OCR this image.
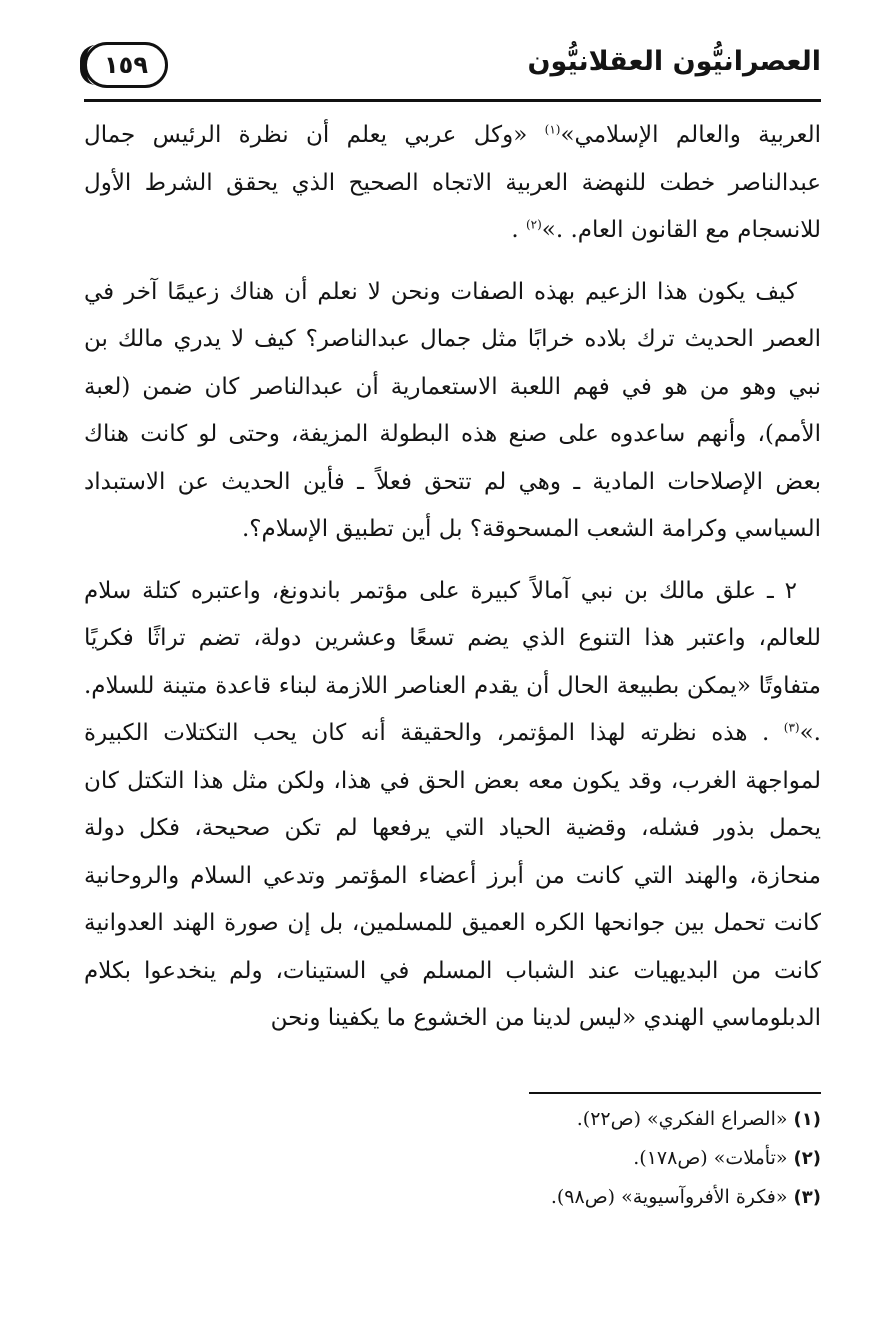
العصرانيُّون العقلانيُّون
١٥٩

العربية والعالم الإسلامي»$^{(١)}$ «وكل عربي يعلم أن نظرة الرئيس جمال عبدالناصر خطت للنهضة العربية الاتجاه الصحيح الذي يحقق الشرط الأول للانسجام مع القانون العام. .»$^{(٢)}$ .

كيف يكون هذا الزعيم بهذه الصفات ونحن لا نعلم أن هناك زعيمًا آخر في العصر الحديث ترك بلاده خرابًا مثل جمال عبدالناصر؟ كيف لا يدري مالك بن نبي وهو من هو في فهم اللعبة الاستعمارية أن عبدالناصر كان ضمن (لعبة الأمم)، وأنهم ساعدوه على صنع هذه البطولة المزيفة، وحتى لو كانت هناك بعض الإصلاحات المادية ـ وهي لم تتحق فعلاً ـ فأين الحديث عن الاستبداد السياسي وكرامة الشعب المسحوقة؟ بل أين تطبيق الإسلام؟.

٢ ـ علق مالك بن نبي آمالاً كبيرة على مؤتمر باندونغ، واعتبره كتلة سلام للعالم، واعتبر هذا التنوع الذي يضم تسعًا وعشرين دولة، تضم تراثًا فكريًا متفاوتًا «يمكن بطبيعة الحال أن يقدم العناصر اللازمة لبناء قاعدة متينة للسلام. .»$^{(٣)}$ . هذه نظرته لهذا المؤتمر، والحقيقة أنه كان يحب التكتلات الكبيرة لمواجهة الغرب، وقد يكون معه بعض الحق في هذا، ولكن مثل هذا التكتل كان يحمل بذور فشله، وقضية الحياد التي يرفعها لم تكن صحيحة، فكل دولة منحازة، والهند التي كانت من أبرز أعضاء المؤتمر وتدعي السلام والروحانية كانت تحمل بين جوانحها الكره العميق للمسلمين، بل إن صورة الهند العدوانية كانت من البديهيات عند الشباب المسلم في الستينات، ولم ينخدعوا بكلام الدبلوماسي الهندي «ليس لدينا من الخشوع ما يكفينا ونحن

(١) «الصراع الفكري» (ص٢٢).
(٢) «تأملات» (ص١٧٨).
(٣) «فكرة الأفروآسيوية» (ص٩٨).
